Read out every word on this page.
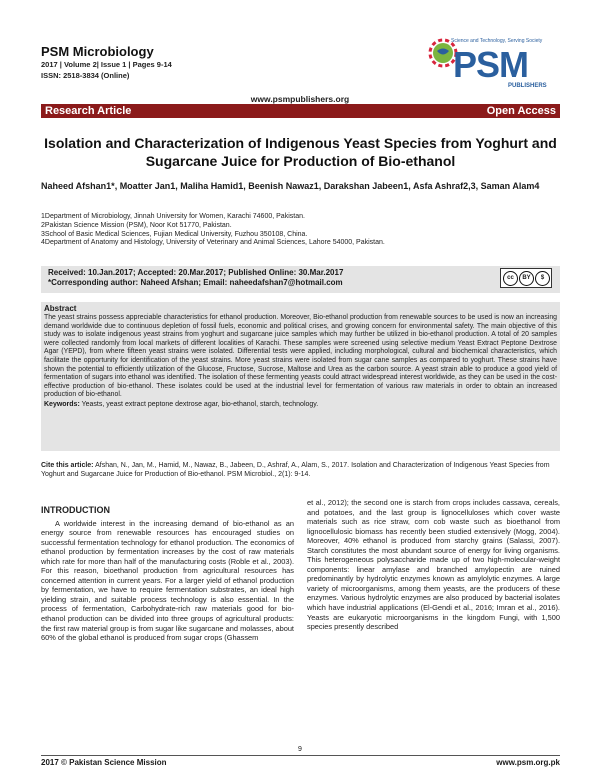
PSM Microbiology
2017 | Volume 2| Issue 1 | Pages 9-14
ISSN: 2518-3834 (Online)
Science and Technology, Serving Society
PSM
PUBLISHERS
www.psmpublishers.org
Research Article	Open Access
Isolation and Characterization of Indigenous Yeast Species from Yoghurt and Sugarcane Juice for Production of Bio-ethanol
Naheed Afshan1*, Moatter Jan1, Maliha Hamid1, Beenish Nawaz1, Darakshan Jabeen1, Asfa Ashraf2,3, Saman Alam4
1Department of Microbiology, Jinnah University for Women, Karachi 74600, Pakistan.
2Pakistan Science Mission (PSM), Noor Kot 51770, Pakistan.
3School of Basic Medical Sciences, Fujian Medical University, Fuzhou 350108, China.
4Department of Anatomy and Histology, University of Veterinary and Animal Sciences, Lahore 54000, Pakistan.
Received: 10.Jan.2017; Accepted: 20.Mar.2017; Published Online: 30.Mar.2017
*Corresponding author: Naheed Afshan; Email: naheedafshan7@hotmail.com	cc	BY	$
Abstract
The yeast strains possess appreciable characteristics for ethanol production. Moreover, Bio-ethanol production from renewable sources to be used is now an increasing demand worldwide due to continuous depletion of fossil fuels, economic and political crises, and growing concern for environmental safety. The main objective of this study was to isolate indigenous yeast strains from yoghurt and sugarcane juice samples which may further be utilized in bio-ethanol production. A total of 20 samples were collected randomly from local markets of different localities of Karachi. These samples were screened using selective medium Yeast Extract Peptone Dextrose Agar (YEPD), from where fifteen yeast strains were isolated. Differential tests were applied, including morphological, cultural and biochemical characteristics, which facilitate the opportunity for identification of the yeast strains. More yeast strains were isolated from sugar cane samples as compared to yoghurt. These strains have shown the potential to efficiently utilization of the Glucose, Fructose, Sucrose, Maltose and Urea as the carbon source. A yeast strain able to produce a good yield of fermentation of sugars into ethanol was identified. The isolation of these fermenting yeasts could attract widespread interest worldwide, as they can be used in the cost-effective production of bio-ethanol. These isolates could be used at the industrial level for fermentation of various raw materials in order to obtain an increased production of bio-ethanol.
Keywords: Yeasts, yeast extract peptone dextrose agar, bio-ethanol, starch, technology.
Cite this article: Afshan, N., Jan, M., Hamid, M., Nawaz, B., Jabeen, D., Ashraf, A., Alam, S., 2017. Isolation and Characterization of Indigenous Yeast Species from Yoghurt and Sugarcane Juice for Production of Bio-ethanol. PSM Microbiol., 2(1): 9-14.
INTRODUCTION
A worldwide interest in the increasing demand of bio-ethanol as an energy source from renewable resources has encouraged studies on successful fermentation technology for ethanol production. The economics of ethanol production by fermentation increases by the cost of raw materials which rate for more than half of the manufacturing costs (Roble et al., 2003). For this reason, bioethanol production from agricultural resources has concerned attention in current years. For a larger yield of ethanol production by fermentation, we have to require fermentation substrates, an ideal high yielding strain, and suitable process technology is also essential. In the process of fermentation, Carbohydrate-rich raw materials good for bio-ethanol production can be divided into three groups of agricultural products: the first raw material group is from sugar like sugarcane and molasses, about 60% of the global ethanol is produced from sugar crops (Ghassem
et al., 2012); the second one is starch from crops includes cassava, cereals, and potatoes, and the last group is lignocelluloses which cover waste materials such as rice straw, corn cob waste such as bioethanol from lignocellulosic biomass has recently been studied extensively (Mogg, 2004). Moreover, 40% ethanol is produced from starchy grains (Salassi, 2007). Starch constitutes the most abundant source of energy for living organisms. This heterogeneous polysaccharide made up of two high-molecular-weight components: linear amylase and branched amylopectin are ruined predominantly by hydrolytic enzymes known as amylolytic enzymes. A large variety of microorganisms, among them yeasts, are the producers of these enzymes. Various hydrolytic enzymes are also produced by bacterial isolates which have industrial applications (El-Gendi et al., 2016; Imran et al., 2016). Yeasts are eukaryotic microorganisms in the kingdom Fungi, with 1,500 species presently described
9
2017 © Pakistan Science Mission	www.psm.org.pk
